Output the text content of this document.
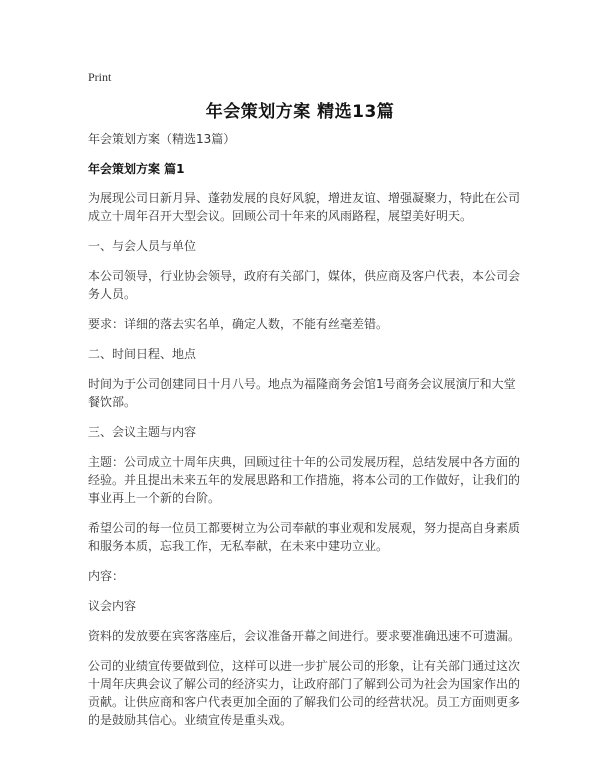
Print
年会策划方案 精选13篇

年会策划方案（精选13篇）

年会策划方案 篇1

为展现公司日新月异、蓬勃发展的良好风貌，增进友谊、增强凝聚力，特此在公司成立十周年召开大型会议。回顾公司十年来的风雨路程，展望美好明天。

一、与会人员与单位

本公司领导，行业协会领导，政府有关部门，媒体，供应商及客户代表，本公司会务人员。

要求：详细的落去实名单，确定人数，不能有丝毫差错。

二、时间日程、地点

时间为于公司创建同日十月八号。地点为福隆商务会馆1号商务会议展演厅和大堂餐饮部。

三、会议主题与内容

主题：公司成立十周年庆典，回顾过往十年的公司发展历程，总结发展中各方面的经验。并且提出未来五年的发展思路和工作措施，将本公司的工作做好，让我们的事业再上一个新的台阶。

希望公司的每一位员工都要树立为公司奉献的事业观和发展观，努力提高自身素质和服务本质，忘我工作，无私奉献，在未来中建功立业。

内容：

议会内容

资料的发放要在宾客落座后，会议准备开幕之间进行。要求要准确迅速不可遗漏。

公司的业绩宣传要做到位，这样可以进一步扩展公司的形象，让有关部门通过这次十周年庆典会议了解公司的经济实力，让政府部门了解到公司为社会为国家作出的贡献。让供应商和客户代表更加全面的了解我们公司的经营状况。员工方面则更多的是鼓励其信心。业绩宣传是重头戏。
